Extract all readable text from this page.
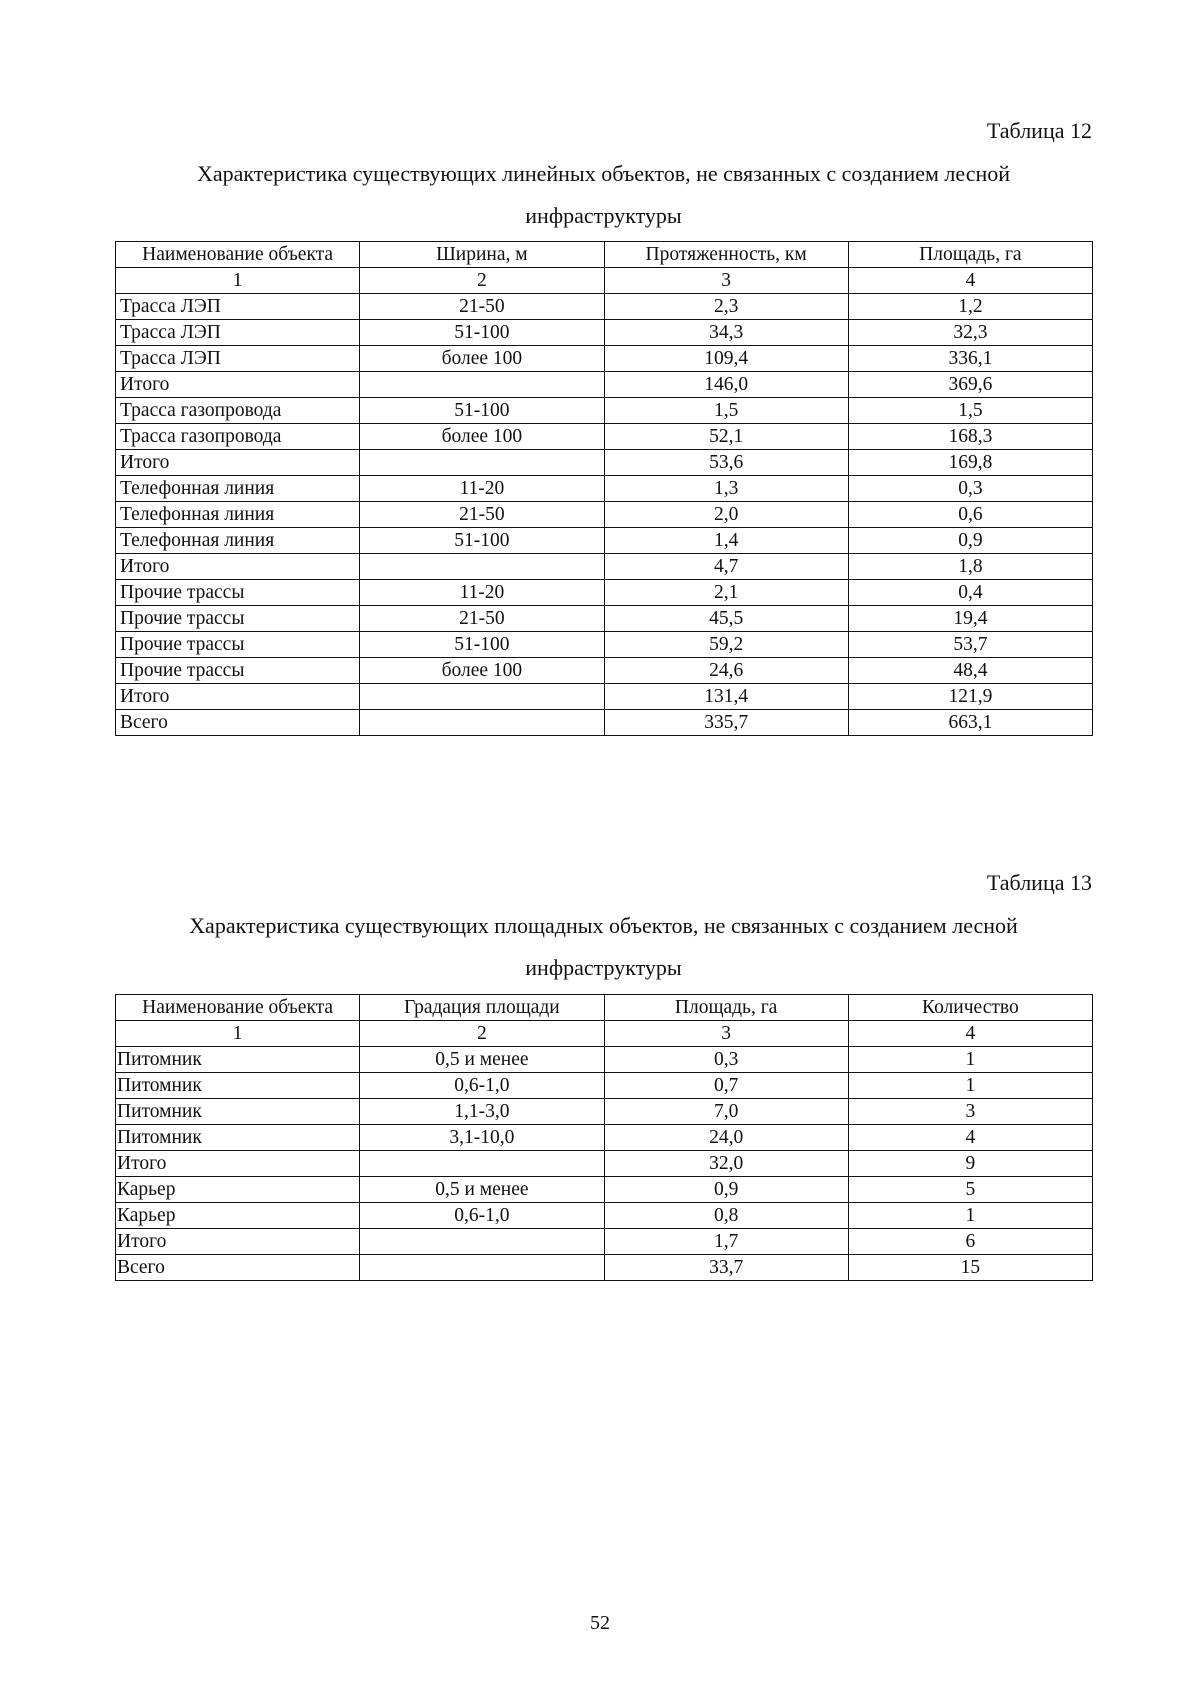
Таблица 12
Характеристика существующих линейных объектов, не связанных с созданием лесной
инфраструктуры
Наименование объекта	Ширина, м	Протяженность, км	Площадь, га
1	2	3	4
Трасса ЛЭП	21-50	2,3	1,2
Трасса ЛЭП	51-100	34,3	32,3
Трасса ЛЭП	более 100	109,4	336,1
Итого		146,0	369,6
Трасса газопровода	51-100	1,5	1,5
Трасса газопровода	более 100	52,1	168,3
Итого		53,6	169,8
Телефонная линия	11-20	1,3	0,3
Телефонная линия	21-50	2,0	0,6
Телефонная линия	51-100	1,4	0,9
Итого		4,7	1,8
Прочие трассы	11-20	2,1	0,4
Прочие трассы	21-50	45,5	19,4
Прочие трассы	51-100	59,2	53,7
Прочие трассы	более 100	24,6	48,4
Итого		131,4	121,9
Всего		335,7	663,1
Таблица 13
Характеристика существующих площадных объектов, не связанных с созданием лесной
инфраструктуры
Наименование объекта	Градация площади	Площадь, га	Количество
1	2	3	4
Питомник	0,5 и менее	0,3	1
Питомник	0,6-1,0	0,7	1
Питомник	1,1-3,0	7,0	3
Питомник	3,1-10,0	24,0	4
Итого		32,0	9
Карьер	0,5 и менее	0,9	5
Карьер	0,6-1,0	0,8	1
Итого		1,7	6
Всего		33,7	15
52
